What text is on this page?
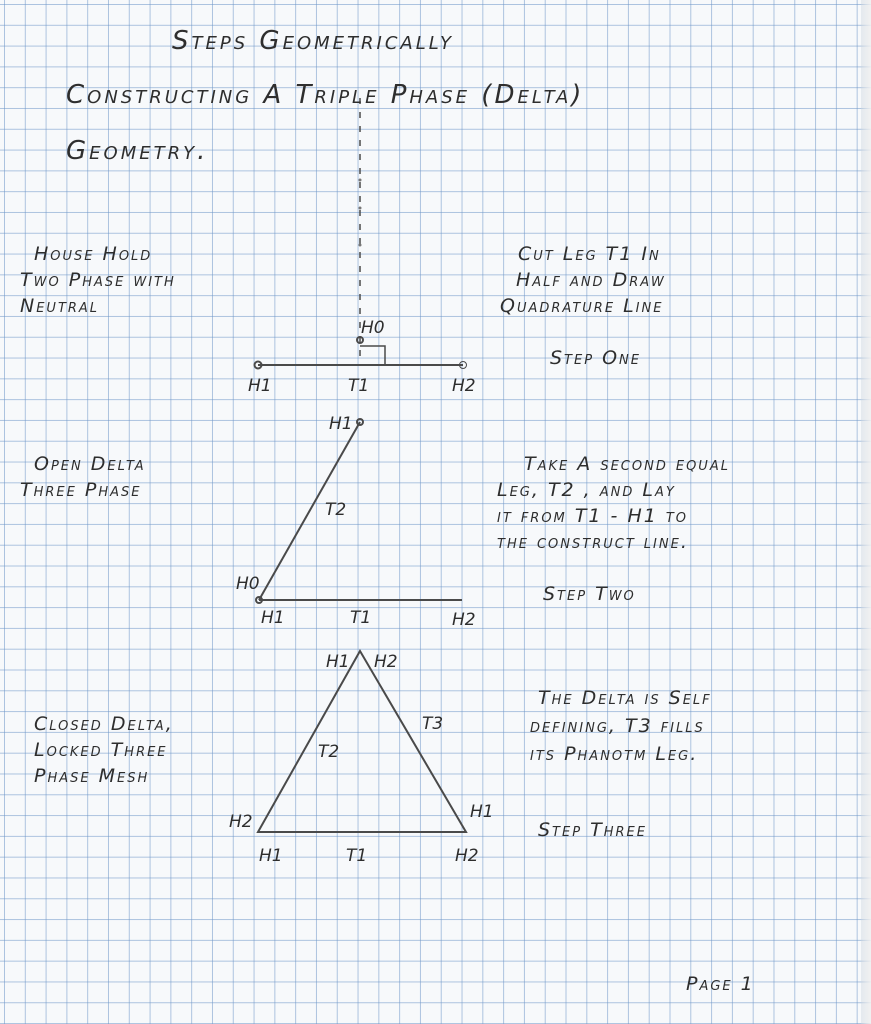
Steps Geometrically
Constructing A Triple Phase (Delta)
Geometry.
House Hold
Two Phase with
Neutral
Cut Leg T1 In
Half and Draw
Quadrature Line
Step One
H0
H1	T1	H2
Open Delta
Three Phase
Take A second equal
Leg, T2 , and Lay
it from T1 - H1 to
the construct line.
Step Two
H1
T2
H0
H1	T1	H2
Closed Delta,
Locked Three
Phase Mesh
The Delta is Self
defining, T3 fills
its Phanotm Leg.
Step Three
H1 H2
T3
T2
H1
H2
H1	T1	H2
Page 1
